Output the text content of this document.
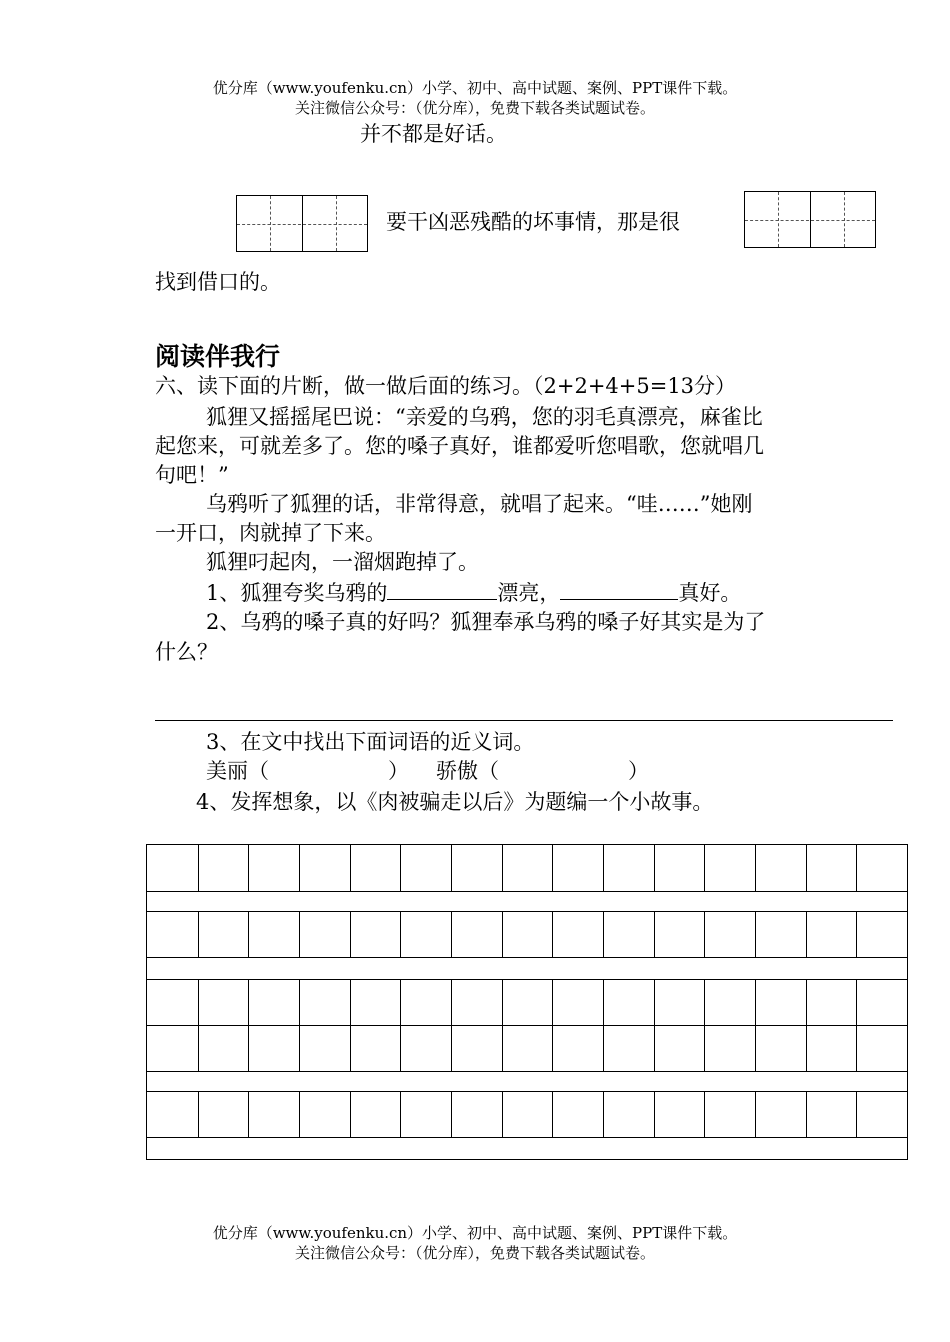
优分库（www.youfenku.cn）小学、初中、高中试题、案例、PPT课件下载。
关注微信公众号：（优分库），免费下载各类试题试卷。
并不都是好话。
要干凶恶残酷的坏事情，那是很
找到借口的。
阅读伴我行
六、读下面的片断，做一做后面的练习。（2+2+4+5=13分）
狐狸又摇摇尾巴说：“亲爱的乌鸦，您的羽毛真漂亮，麻雀比
起您来，可就差多了。您的嗓子真好，谁都爱听您唱歌，您就唱几
句吧！”
乌鸦听了狐狸的话，非常得意，就唱了起来。“哇……”她刚
一开口，肉就掉了下来。
狐狸叼起肉，一溜烟跑掉了。
1、狐狸夸奖乌鸦的	漂亮，	真好。
2、乌鸦的嗓子真的好吗？狐狸奉承乌鸦的嗓子好其实是为了
什么？
3、在文中找出下面词语的近义词。
美丽（	） 骄傲（	）
4、发挥想象，以《肉被骗走以后》为题编一个小故事。
优分库（www.youfenku.cn）小学、初中、高中试题、案例、PPT课件下载。
关注微信公众号：（优分库），免费下载各类试题试卷。
